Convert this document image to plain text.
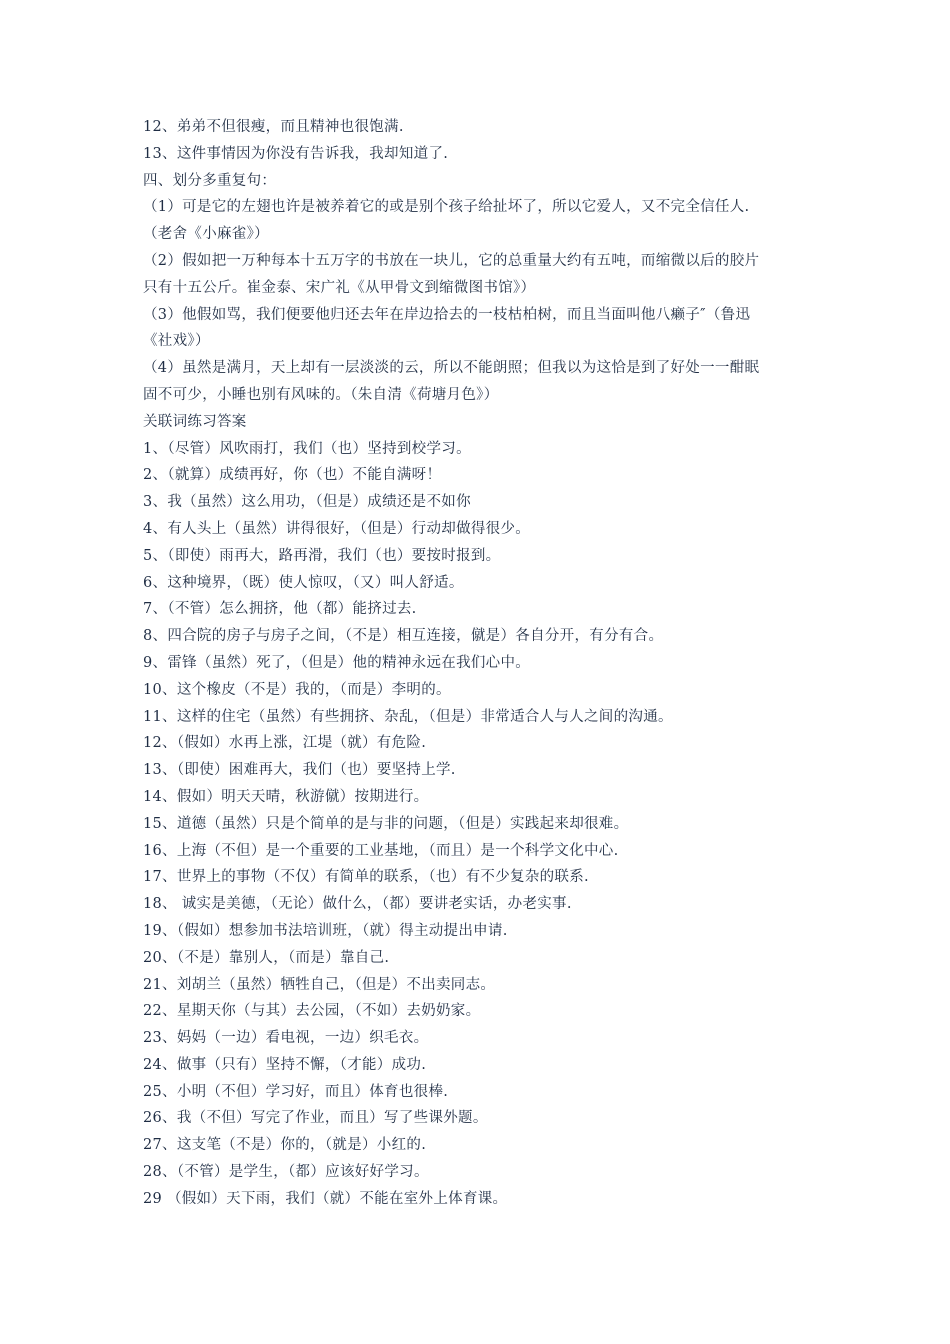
12、弟弟不但很瘦，而且精神也很饱满.
13、这件事情因为你没有告诉我，我却知道了.
四、划分多重复句：
（1）可是它的左翅也许是被养着它的或是别个孩子给扯坏了，所以它爱人，又不完全信任人.
（老舍《小麻雀》）
（2）假如把一万种每本十五万字的书放在一块儿，它的总重量大约有五吨，而缩微以后的胶片
只有十五公斤。崔金泰、宋广礼《从甲骨文到缩微图书馆》）
（3）他假如骂，我们便要他归还去年在岸边拾去的一枝枯柏树，而且当面叫他八癞子″（鲁迅
《社戏》）
（4）虽然是满月，天上却有一层淡淡的云，所以不能朗照；但我以为这恰是到了好处一一酣眠
固不可少，小睡也别有风味的。（朱自清《荷塘月色》）
关联词练习答案
1、（尽管）风吹雨打，我们（也）坚持到校学习。
2、（就算）成绩再好，你（也）不能自满呀！
3、我（虽然）这么用功，（但是）成绩还是不如你
4、有人头上（虽然）讲得很好，（但是）行动却做得很少。
5、（即使）雨再大，路再滑，我们（也）要按时报到。
6、这种境界，（既）使人惊叹，（又）叫人舒适。
7、（不管）怎么拥挤，他（都）能挤过去.
8、四合院的房子与房子之间，（不是）相互连接，僦是）各自分开，有分有合。
9、雷锋（虽然）死了，（但是）他的精神永远在我们心中。
10、这个橡皮（不是）我的，（而是）李明的。
11、这样的住宅（虽然）有些拥挤、杂乱，（但是）非常适合人与人之间的沟通。
12、（假如）水再上涨，江堤（就）有危险.
13、（即使）困难再大，我们（也）要坚持上学.
14、假如）明天天晴，秋游僦）按期进行。
15、道德（虽然）只是个简单的是与非的问题，（但是）实践起来却很难。
16、上海（不但）是一个重要的工业基地，（而且）是一个科学文化中心.
17、世界上的事物（不仅）有简单的联系，（也）有不少复杂的联系.
18、 诚实是美德，（无论）做什么，（都）要讲老实话，办老实事.
19、（假如）想参加书法培训班，（就）得主动提出申请.
20、（不是）靠别人，（而是）靠自己.
21、刘胡兰（虽然）牺牲自己，（但是）不出卖同志。
22、星期天你（与其）去公园，（不如）去奶奶家。
23、妈妈（一边）看电视，一边）织毛衣。
24、做事（只有）坚持不懈，（才能）成功.
25、小明（不但）学习好，而且）体育也很棒.
26、我（不但）写完了作业，而且）写了些课外题。
27、这支笔（不是）你的，（就是）小红的.
28、（不管）是学生，（都）应该好好学习。
29 （假如）天下雨，我们（就）不能在室外上体育课。
